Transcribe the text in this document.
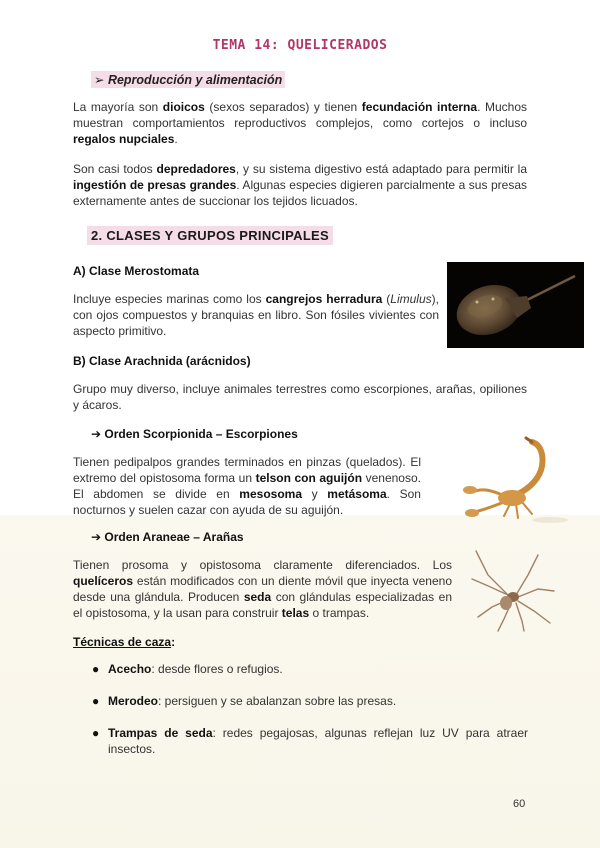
TEMA 14: QUELICERADOS
➢ Reproducción y alimentación
La mayoría son dioicos (sexos separados) y tienen fecundación interna. Muchos muestran comportamientos reproductivos complejos, como cortejos o incluso regalos nupciales.
Son casi todos depredadores, y su sistema digestivo está adaptado para permitir la ingestión de presas grandes. Algunas especies digieren parcialmente a sus presas externamente antes de succionar los tejidos licuados.
2. CLASES Y GRUPOS PRINCIPALES
A) Clase Merostomata
Incluye especies marinas como los cangrejos herradura (Limulus), con ojos compuestos y branquias en libro. Son fósiles vivientes con aspecto primitivo.
B) Clase Arachnida (arácnidos)
Grupo muy diverso, incluye animales terrestres como escorpiones, arañas, opiliones y ácaros.
➔ Orden Scorpionida – Escorpiones
Tienen pedipalpos grandes terminados en pinzas (quelados). El extremo del opistosoma forma un telson con aguijón venenoso. El abdomen se divide en mesosoma y metásoma. Son nocturnos y suelen cazar con ayuda de su aguijón.
➔ Orden Araneae – Arañas
Tienen prosoma y opistosoma claramente diferenciados. Los quelíceros están modificados con un diente móvil que inyecta veneno desde una glándula. Producen seda con glándulas especializadas en el opistosoma, y la usan para construir telas o trampas.
Técnicas de caza:
● Acecho: desde flores o refugios.
● Merodeo: persiguen y se abalanzan sobre las presas.
● Trampas de seda: redes pegajosas, algunas reflejan luz UV para atraer insectos.
60
